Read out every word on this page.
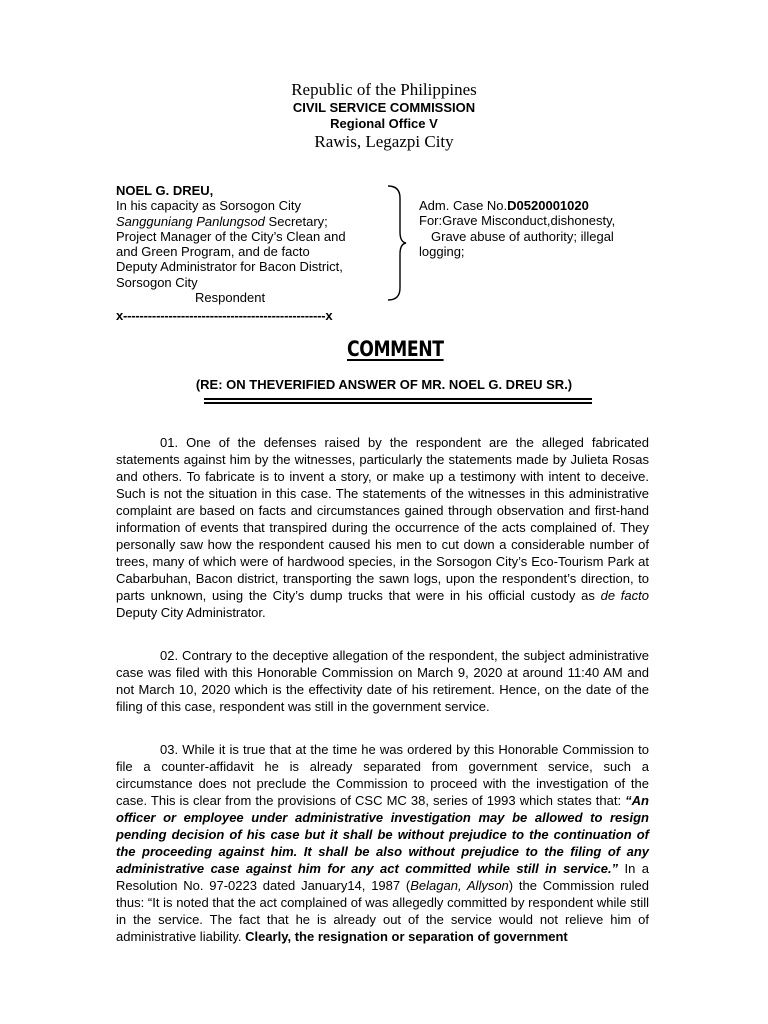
Republic of the Philippines
CIVIL SERVICE COMMISSION
Regional Office V
Rawis, Legazpi City
NOEL G. DREU,
In his capacity as Sorsogon City
Sangguniang Panlungsod Secretary;
Project Manager of the City’s Clean and
and Green Program, and de facto
Deputy Administrator for Bacon District,
Sorsogon City
Respondent
x-------------------------------------------------x
Adm. Case No.D0520001020
For:Grave Misconduct,dishonesty,
Grave abuse of authority; illegal
logging;
COMMENT
(RE: ON THEVERIFIED ANSWER OF MR. NOEL G. DREU SR.)

01. One of the defenses raised by the respondent are the alleged fabricated statements against him by the witnesses, particularly the statements made by Julieta Rosas and others. To fabricate is to invent a story, or make up a testimony with intent to deceive. Such is not the situation in this case. The statements of the witnesses in this administrative complaint are based on facts and circumstances gained through observation and first-hand information of events that transpired during the occurrence of the acts complained of. They personally saw how the respondent caused his men to cut down a considerable number of trees, many of which were of hardwood species, in the Sorsogon City’s Eco-Tourism Park at Cabarbuhan, Bacon district, transporting the sawn logs, upon the respondent’s direction, to parts unknown, using the City’s dump trucks that were in his official custody as de facto Deputy City Administrator.

02. Contrary to the deceptive allegation of the respondent, the subject administrative case was filed with this Honorable Commission on March 9, 2020 at around 11:40 AM and not March 10, 2020 which is the effectivity date of his retirement. Hence, on the date of the filing of this case, respondent was still in the government service.

03. While it is true that at the time he was ordered by this Honorable Commission to file a counter-affidavit he is already separated from government service, such a circumstance does not preclude the Commission to proceed with the investigation of the case. This is clear from the provisions of CSC MC 38, series of 1993 which states that: “An officer or employee under administrative investigation may be allowed to resign pending decision of his case but it shall be without prejudice to the continuation of the proceeding against him. It shall be also without prejudice to the filing of any administrative case against him for any act committed while still in service.” In a Resolution No. 97-0223 dated January14, 1987 (Belagan, Allyson) the Commission ruled thus: “It is noted that the act complained of was allegedly committed by respondent while still in the service. The fact that he is already out of the service would not relieve him of administrative liability. Clearly, the resignation or separation of government
